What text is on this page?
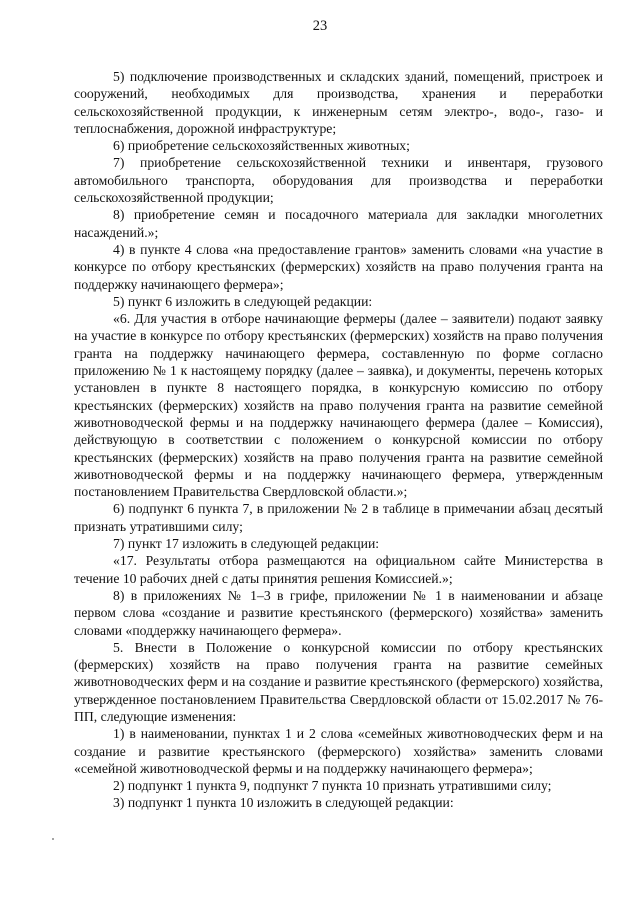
23

5) подключение производственных и складских зданий, помещений, пристроек и сооружений, необходимых для производства, хранения и переработки сельскохозяйственной продукции, к инженерным сетям электро-, водо-, газо- и теплоснабжения, дорожной инфраструктуре;

6) приобретение сельскохозяйственных животных;

7) приобретение сельскохозяйственной техники и инвентаря, грузового автомобильного транспорта, оборудования для производства и переработки сельскохозяйственной продукции;

8) приобретение семян и посадочного материала для закладки многолетних насаждений.»;

4) в пункте 4 слова «на предоставление грантов» заменить словами «на участие в конкурсе по отбору крестьянских (фермерских) хозяйств на право получения гранта на поддержку начинающего фермера»;

5) пункт 6 изложить в следующей редакции:

«6. Для участия в отборе начинающие фермеры (далее – заявители) подают заявку на участие в конкурсе по отбору крестьянских (фермерских) хозяйств на право получения гранта на поддержку начинающего фермера, составленную по форме согласно приложению № 1 к настоящему порядку (далее – заявка), и документы, перечень которых установлен в пункте 8 настоящего порядка, в конкурсную комиссию по отбору крестьянских (фермерских) хозяйств на право получения гранта на развитие семейной животноводческой фермы и на поддержку начинающего фермера (далее – Комиссия), действующую в соответствии с положением о конкурсной комиссии по отбору крестьянских (фермерских) хозяйств на право получения гранта на развитие семейной животноводческой фермы и на поддержку начинающего фермера, утвержденным постановлением Правительства Свердловской области.»;

6) подпункт 6 пункта 7, в приложении № 2 в таблице в примечании абзац десятый признать утратившими силу;

7) пункт 17 изложить в следующей редакции:

«17. Результаты отбора размещаются на официальном сайте Министерства в течение 10 рабочих дней с даты принятия решения Комиссией.»;

8) в приложениях № 1–3 в грифе, приложении № 1 в наименовании и абзаце первом слова «создание и развитие крестьянского (фермерского) хозяйства» заменить словами «поддержку начинающего фермера».

5. Внести в Положение о конкурсной комиссии по отбору крестьянских (фермерских) хозяйств на право получения гранта на развитие семейных животноводческих ферм и на создание и развитие крестьянского (фермерского) хозяйства, утвержденное постановлением Правительства Свердловской области от 15.02.2017 № 76-ПП, следующие изменения:

1) в наименовании, пунктах 1 и 2 слова «семейных животноводческих ферм и на создание и развитие крестьянского (фермерского) хозяйства» заменить словами «семейной животноводческой фермы и на поддержку начинающего фермера»;

2) подпункт 1 пункта 9, подпункт 7 пункта 10 признать утратившими силу;

3) подпункт 1 пункта 10 изложить в следующей редакции:
